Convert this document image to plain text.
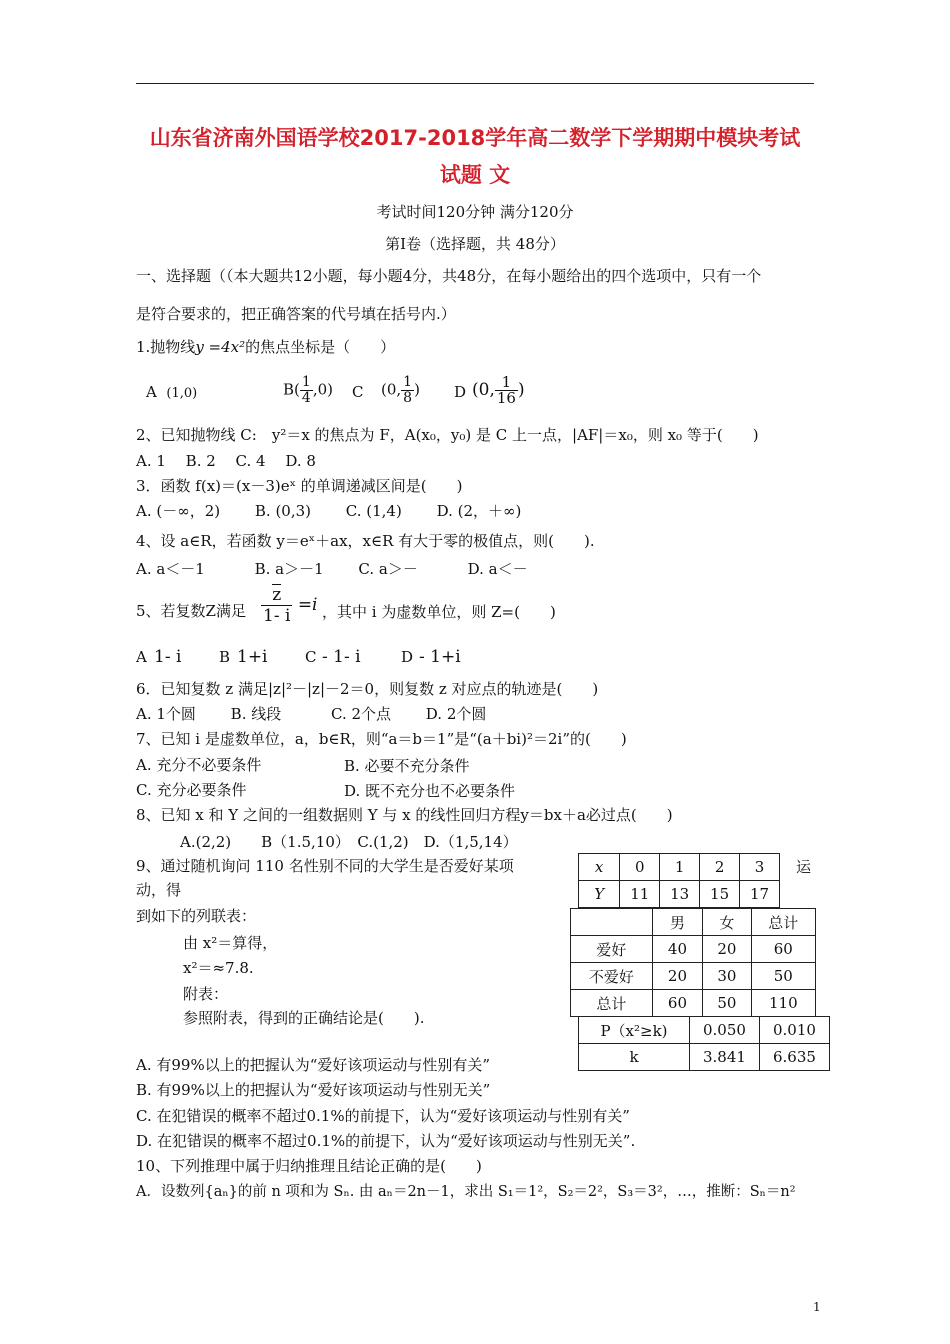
山东省济南外国语学校2017-2018学年高二数学下学期期中模块考试
试题 文
考试时间120分钟 满分120分
第Ⅰ卷（选择题，共 48分）
一、选择题（（本大题共12小题，每小题4分，共48分，在每小题给出的四个选项中，只有一个
是符合要求的，把正确答案的代号填在括号内.）
1.抛物线y =4x²的焦点坐标是（　　）
A (1,0)	$B( \frac{1}{4} ,0)$ C (0, $\frac{1}{8}$ ) D (0, $\frac{1}{16}$ )
2、已知抛物线 C:　y²＝x 的焦点为 F，A(x₀，y₀) 是 C 上一点，|AF|＝x₀，则 x₀ 等于(　　)
A. 1　 B. 2　 C. 4　 D. 8
3．函数 f(x)＝(x－3)eˣ 的单调递减区间是(　　)
A. (－∞，2)　　 B. (0,3)　　 C. (1,4)　　 D. (2，＋∞)
4、设 a∈R，若函数 y＝eˣ＋ax，x∈R 有大于零的极值点，则(　　).
A. a＜－1　　　 B. a＞－1　　 C. a＞－　　　 D. a＜－
5、若复数Z满足 $\frac{z}{1- i} =i$ ，其中 i 为虚数单位，则 Z=(　　)
A 1- i	B 1+i	C - 1- i	D - 1+i
6．已知复数 z 满足|z|²－|z|－2＝0，则复数 z 对应点的轨迹是(　　)
A. 1个圆　　 B. 线段　　　 C. 2个点　　 D. 2个圆
7、已知 i 是虚数单位，a，b∈R，则“a＝b＝1”是“(a＋bi)²＝2i”的(　　)
A. 充分不必要条件	B. 必要不充分条件
C. 充分必要条件	D. 既不充分也不必要条件
8、已知 x 和 Y 之间的一组数据则 Y 与 x 的线性回归方程y＝bx＋a必过点(　　)
A.(2,2)　　B（1.5,10）　C.(1,2)　D.（1,5,14）
x	0	1	2	3
Y	11	13	15	17
9、通过随机询问 110 名性别不同的大学生是否爱好某项	运
动，得
到如下的列联表：
由 x²＝算得，
x²＝≈7.8.
附表：
参照附表，得到的正确结论是(　　).
	男	女	总计
爱好	40	20	60
不爱好	20	30	50
总计	60	50	110
P（x²≥k)	0.050	0.010
k	3.841	6.635
A. 有99%以上的把握认为“爱好该项运动与性别有关”
B. 有99%以上的把握认为“爱好该项运动与性别无关”
C. 在犯错误的概率不超过0.1%的前提下，认为“爱好该项运动与性别有关”
D. 在犯错误的概率不超过0.1%的前提下，认为“爱好该项运动与性别无关”.
10、下列推理中属于归纳推理且结论正确的是(　　)
A．设数列{aₙ}的前 n 项和为 Sₙ. 由 aₙ＝2n－1，求出 S₁＝1²，S₂＝2²，S₃＝3²，…，推断：Sₙ＝n²
1
